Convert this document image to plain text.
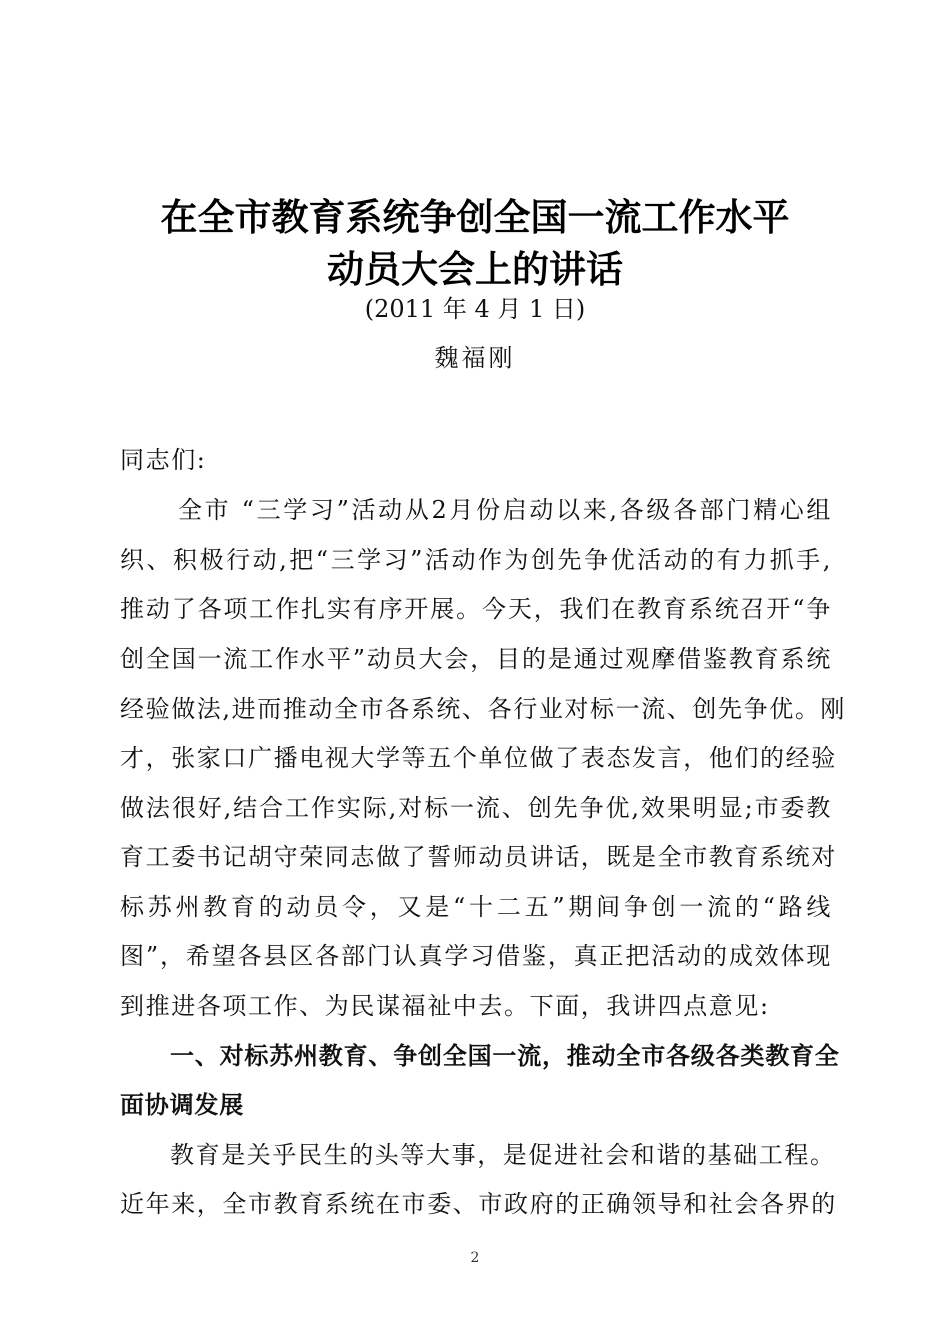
在全市教育系统争创全国一流工作水平
动员大会上的讲话
(2011 年 4 月 1 日)
魏福刚
同志们:
全市 “三学习”活动从2月份启动以来,各级各部门精心组
织、积极行动,把“三学习”活动作为创先争优活动的有力抓手,
推动了各项工作扎实有序开展。今天，我们在教育系统召开“争
创全国一流工作水平”动员大会，目的是通过观摩借鉴教育系统
经验做法,进而推动全市各系统、各行业对标一流、创先争优。刚
才，张家口广播电视大学等五个单位做了表态发言，他们的经验
做法很好,结合工作实际,对标一流、创先争优,效果明显;市委教
育工委书记胡守荣同志做了誓师动员讲话，既是全市教育系统对
标苏州教育的动员令，又是“十二五”期间争创一流的“路线
图”，希望各县区各部门认真学习借鉴，真正把活动的成效体现
到推进各项工作、为民谋福祉中去。下面，我讲四点意见:
一、对标苏州教育、争创全国一流，推动全市各级各类教育全
面协调发展
教育是关乎民生的头等大事，是促进社会和谐的基础工程。
近年来，全市教育系统在市委、市政府的正确领导和社会各界的
2
